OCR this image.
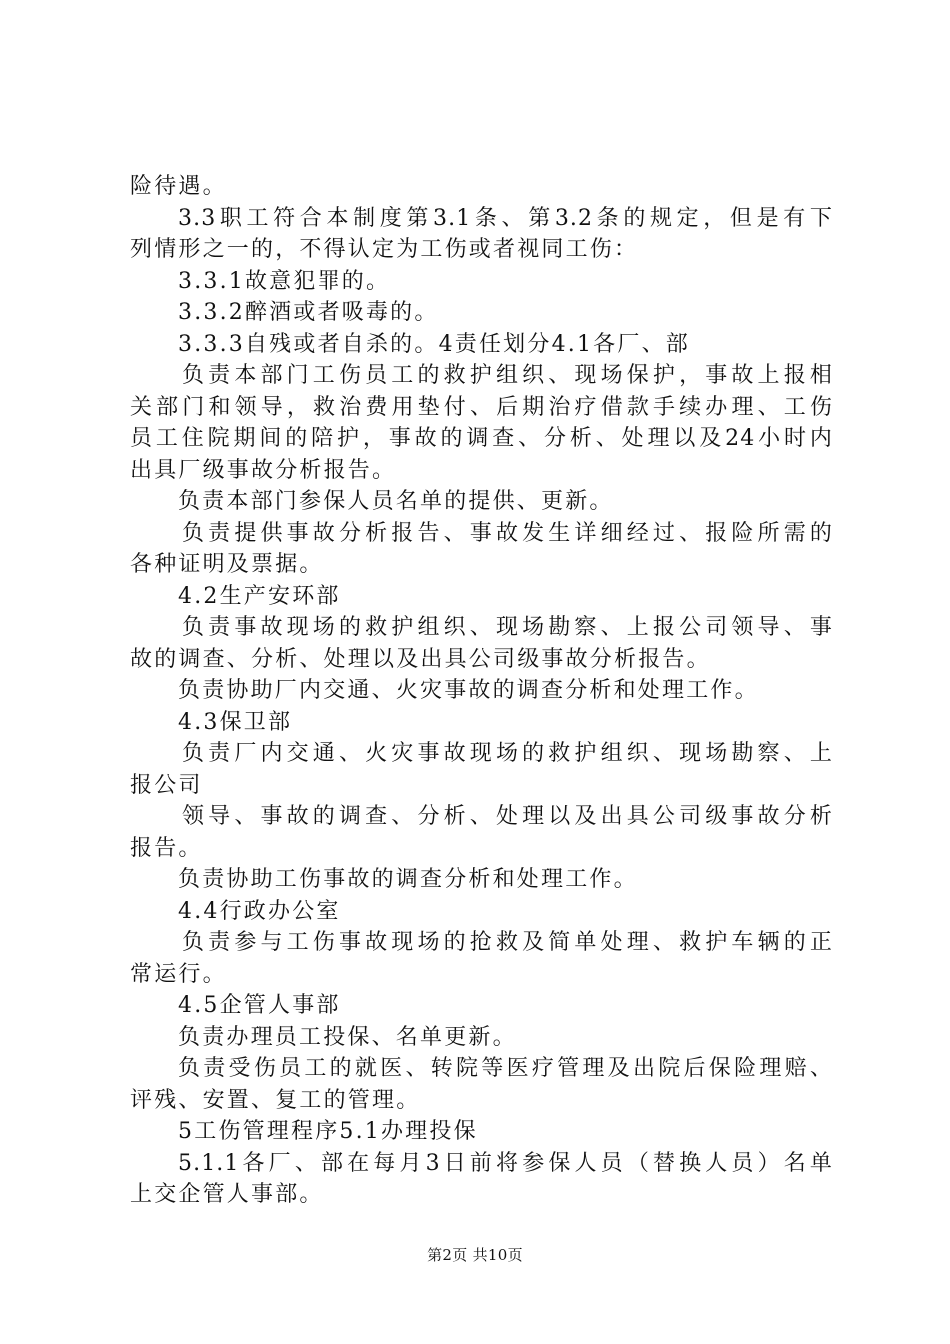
险待遇。
3.3职工符合本制度第3.1条、第3.2条的规定，但是有下
列情形之一的，不得认定为工伤或者视同工伤：
3.3.1故意犯罪的。
3.3.2醉酒或者吸毒的。
3.3.3自残或者自杀的。4责任划分4.1各厂、部
负责本部门工伤员工的救护组织、现场保护，事故上报相
关部门和领导，救治费用垫付、后期治疗借款手续办理、工伤
员工住院期间的陪护，事故的调查、分析、处理以及24小时内
出具厂级事故分析报告。
负责本部门参保人员名单的提供、更新。
负责提供事故分析报告、事故发生详细经过、报险所需的
各种证明及票据。
4.2生产安环部
负责事故现场的救护组织、现场勘察、上报公司领导、事
故的调查、分析、处理以及出具公司级事故分析报告。
负责协助厂内交通、火灾事故的调查分析和处理工作。
4.3保卫部
负责厂内交通、火灾事故现场的救护组织、现场勘察、上
报公司
领导、事故的调查、分析、处理以及出具公司级事故分析
报告。
负责协助工伤事故的调查分析和处理工作。
4.4行政办公室
负责参与工伤事故现场的抢救及简单处理、救护车辆的正
常运行。
4.5企管人事部
负责办理员工投保、名单更新。
负责受伤员工的就医、转院等医疗管理及出院后保险理赔、
评残、安置、复工的管理。
5工伤管理程序5.1办理投保
5.1.1各厂、部在每月3日前将参保人员（替换人员）名单
上交企管人事部。
第2页 共10页
